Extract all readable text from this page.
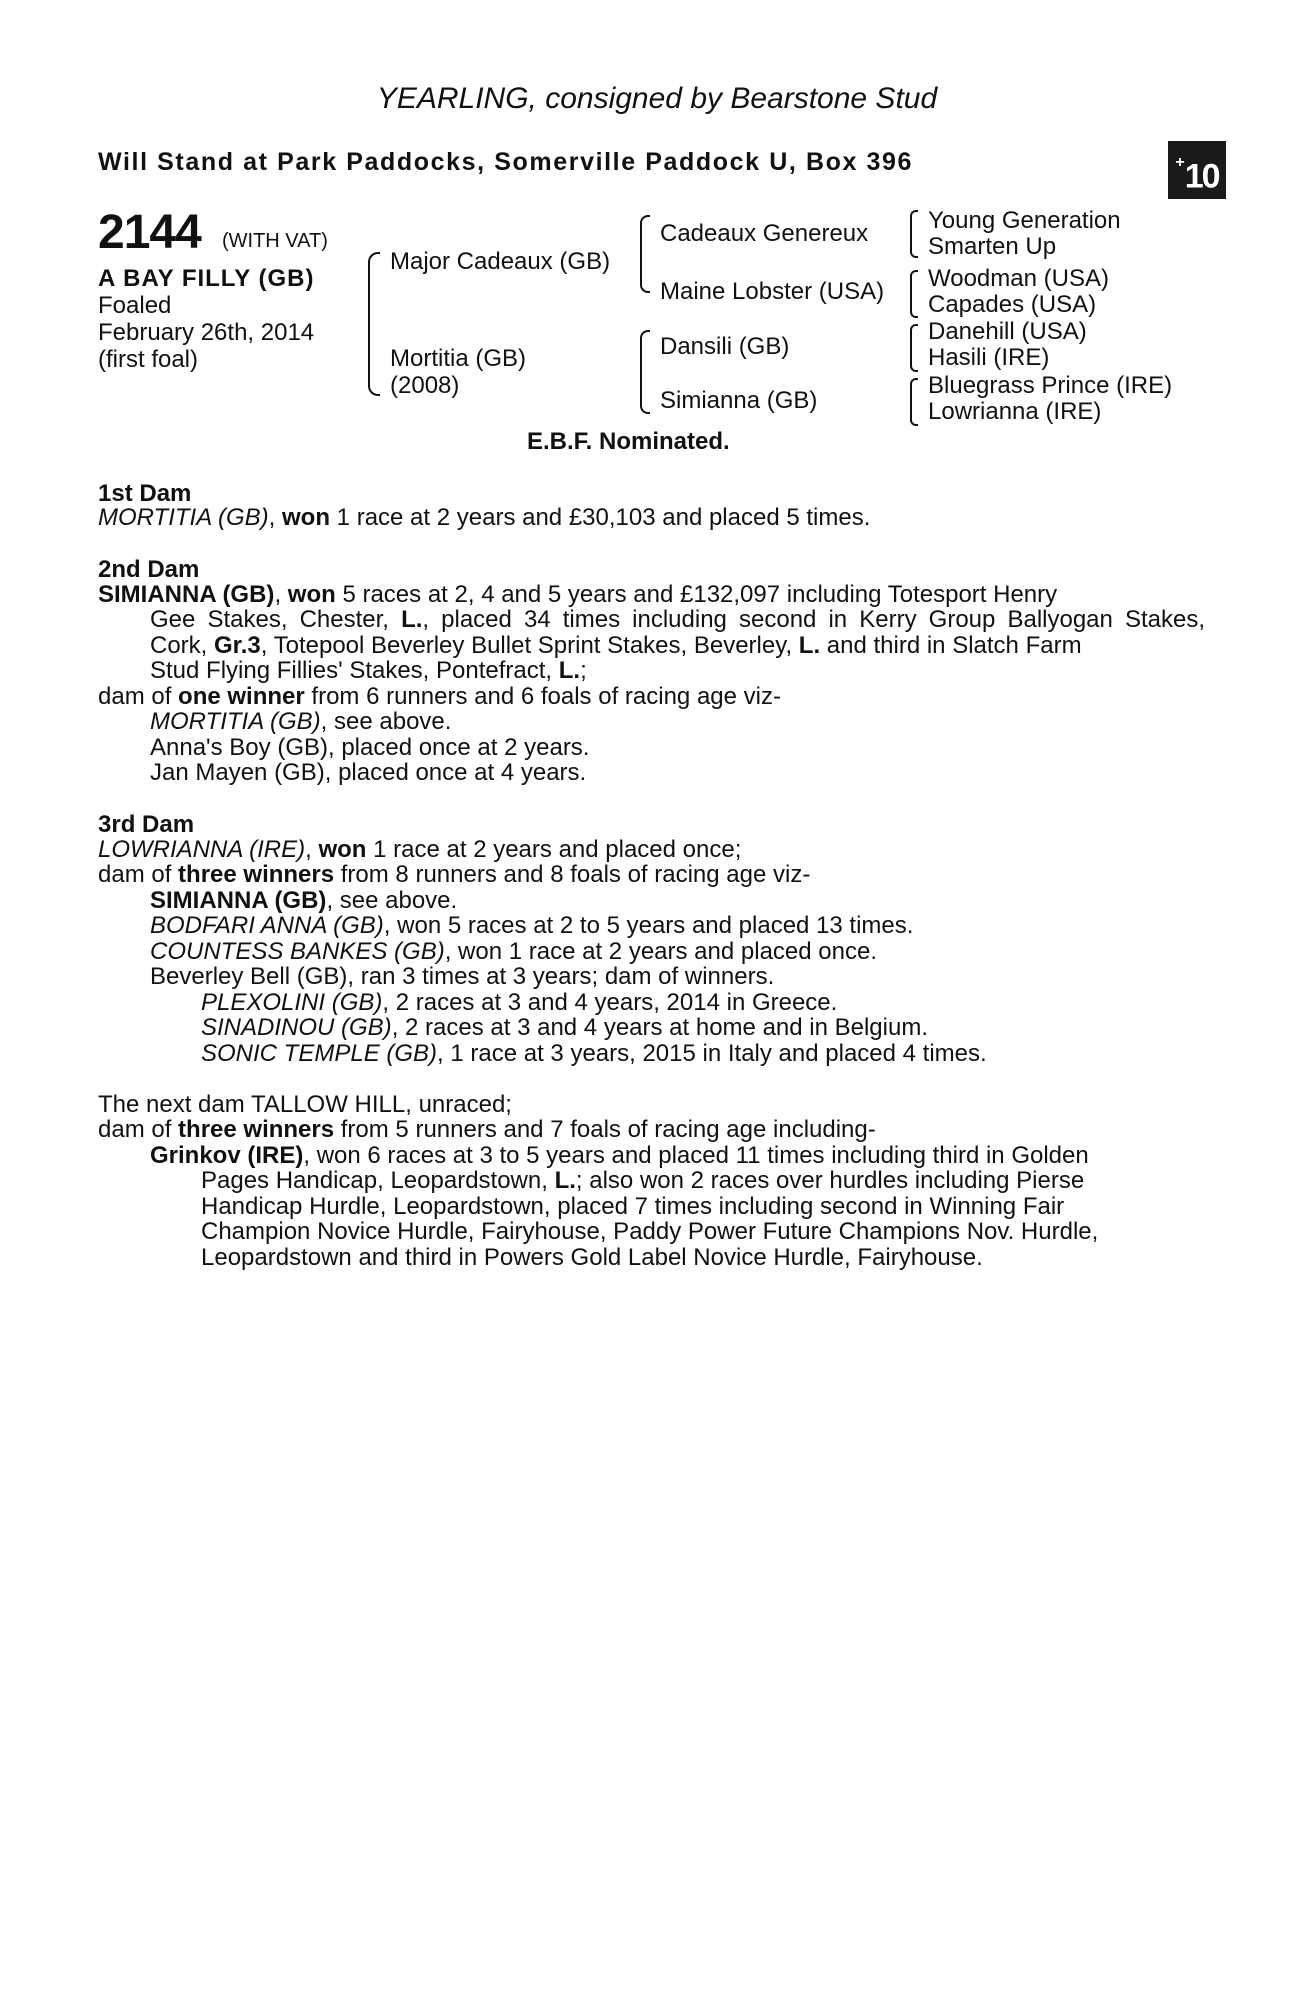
YEARLING, consigned by Bearstone Stud
Will Stand at Park Paddocks, Somerville Paddock U, Box 396	+10
2144 (WITH VAT)
A BAY FILLY (GB)
Foaled
February 26th, 2014
(first foal)
Major Cadeaux (GB)
Mortitia (GB)
(2008)
Cadeaux Genereux
Maine Lobster (USA)
Dansili (GB)
Simianna (GB)
Young Generation
Smarten Up
Woodman (USA)
Capades (USA)
Danehill (USA)
Hasili (IRE)
Bluegrass Prince (IRE)
Lowrianna (IRE)
E.B.F. Nominated.
1st Dam
MORTITIA (GB), won 1 race at 2 years and £30,103 and placed 5 times.
2nd Dam
SIMIANNA (GB), won 5 races at 2, 4 and 5 years and £132,097 including Totesport Henry
Gee Stakes, Chester, L., placed 34 times including second in Kerry Group Ballyogan Stakes,
Cork, Gr.3, Totepool Beverley Bullet Sprint Stakes, Beverley, L. and third in Slatch Farm
Stud Flying Fillies' Stakes, Pontefract, L.;
dam of one winner from 6 runners and 6 foals of racing age viz-
MORTITIA (GB), see above.
Anna's Boy (GB), placed once at 2 years.
Jan Mayen (GB), placed once at 4 years.
3rd Dam
LOWRIANNA (IRE), won 1 race at 2 years and placed once;
dam of three winners from 8 runners and 8 foals of racing age viz-
SIMIANNA (GB), see above.
BODFARI ANNA (GB), won 5 races at 2 to 5 years and placed 13 times.
COUNTESS BANKES (GB), won 1 race at 2 years and placed once.
Beverley Bell (GB), ran 3 times at 3 years; dam of winners.
PLEXOLINI (GB), 2 races at 3 and 4 years, 2014 in Greece.
SINADINOU (GB), 2 races at 3 and 4 years at home and in Belgium.
SONIC TEMPLE (GB), 1 race at 3 years, 2015 in Italy and placed 4 times.
The next dam TALLOW HILL, unraced;
dam of three winners from 5 runners and 7 foals of racing age including-
Grinkov (IRE), won 6 races at 3 to 5 years and placed 11 times including third in Golden
Pages Handicap, Leopardstown, L.; also won 2 races over hurdles including Pierse
Handicap Hurdle, Leopardstown, placed 7 times including second in Winning Fair
Champion Novice Hurdle, Fairyhouse, Paddy Power Future Champions Nov. Hurdle,
Leopardstown and third in Powers Gold Label Novice Hurdle, Fairyhouse.
